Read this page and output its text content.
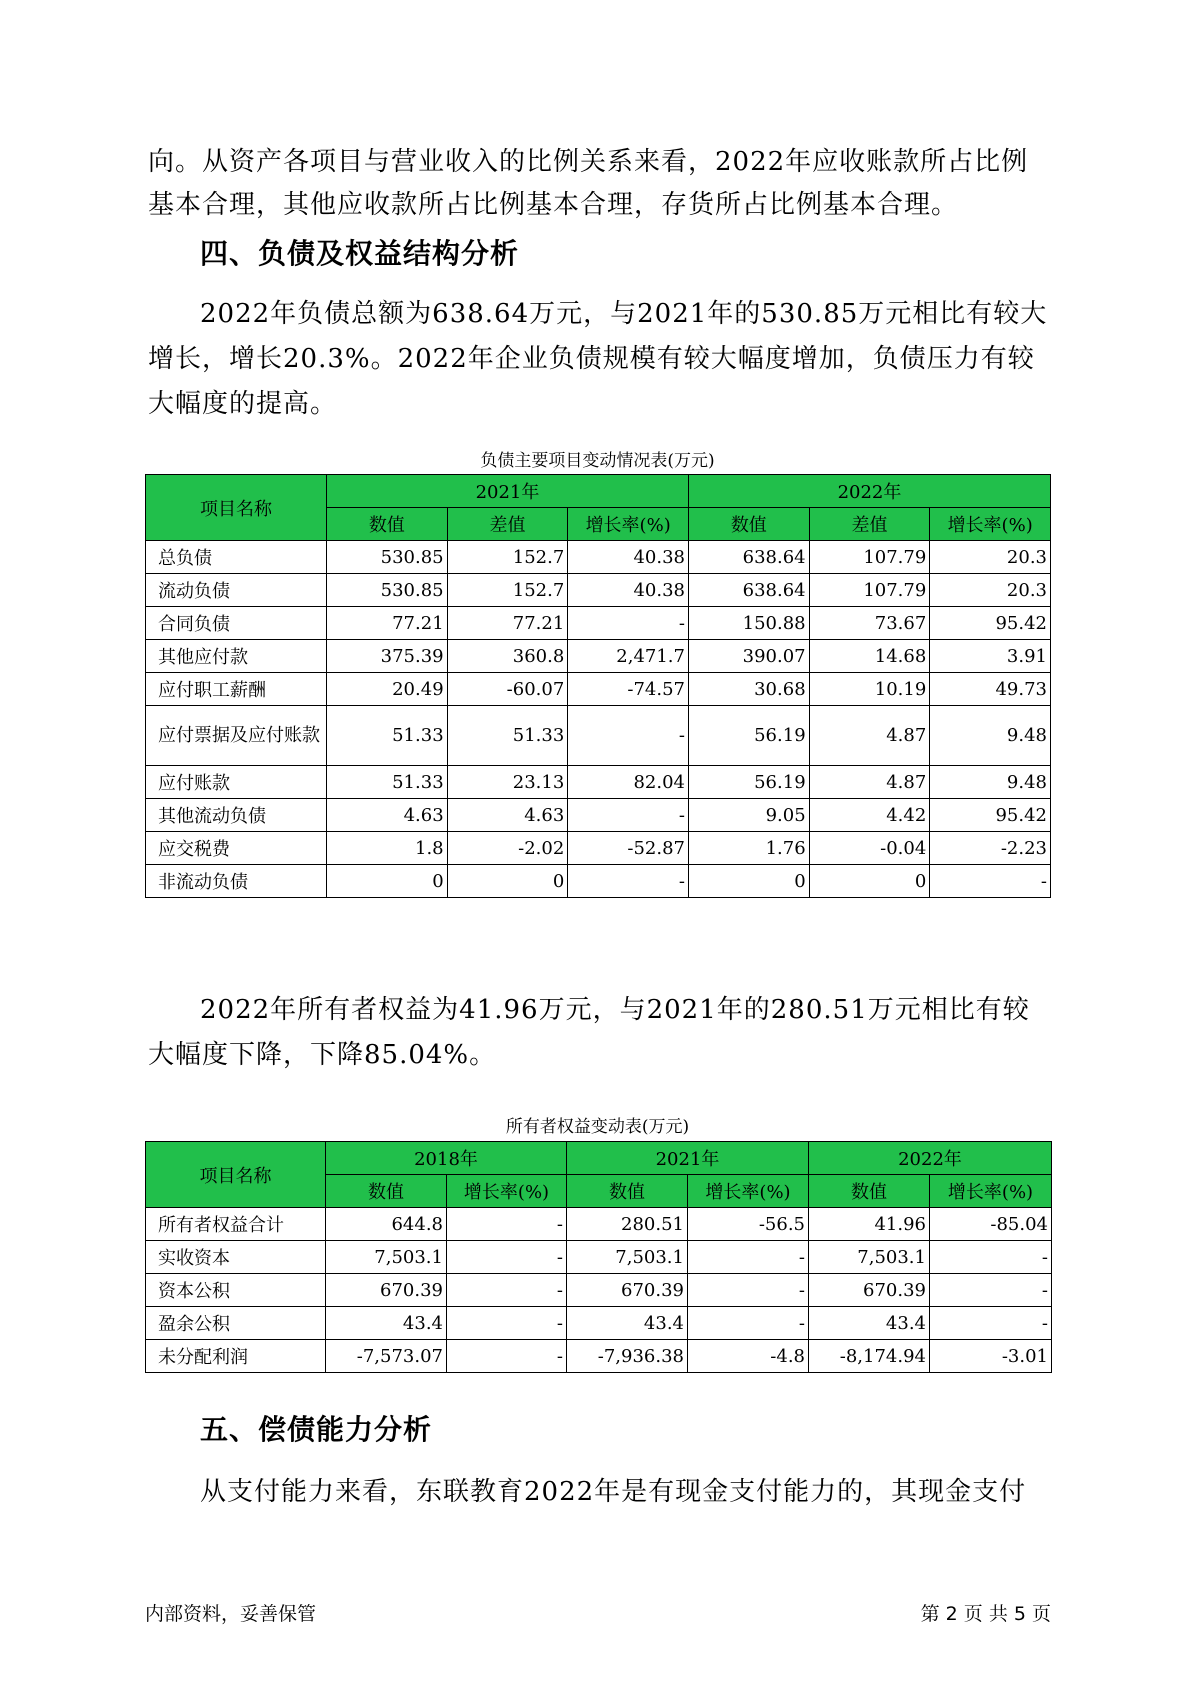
向。从资产各项目与营业收入的比例关系来看，2022年应收账款所占比例

基本合理，其他应收款所占比例基本合理，存货所占比例基本合理。

四、负债及权益结构分析

2022年负债总额为638.64万元，与2021年的530.85万元相比有较大增长，增长20.3%。2022年企业负债规模有较大幅度增加，负债压力有较大幅度的提高。

负债主要项目变动情况表(万元)
项目名称	2021年			2022年		
	数值	差值	增长率(%)	数值	差值	增长率(%)
总负债	530.85	152.7	40.38	638.64	107.79	20.3
流动负债	530.85	152.7	40.38	638.64	107.79	20.3
合同负债	77.21	77.21	-	150.88	73.67	95.42
其他应付款	375.39	360.8	2,471.7	390.07	14.68	3.91
应付职工薪酬	20.49	-60.07	-74.57	30.68	10.19	49.73
应付票据及应付账款	51.33	51.33	-	56.19	4.87	9.48
应付账款	51.33	23.13	82.04	56.19	4.87	9.48
其他流动负债	4.63	4.63	-	9.05	4.42	95.42
应交税费	1.8	-2.02	-52.87	1.76	-0.04	-2.23
非流动负债	0	0	-	0	0	-

2022年所有者权益为41.96万元，与2021年的280.51万元相比有较大幅度下降，下降85.04%。

所有者权益变动表(万元)
项目名称	2018年		2021年		2022年	
	数值	增长率(%)	数值	增长率(%)	数值	增长率(%)
所有者权益合计	644.8	-	280.51	-56.5	41.96	-85.04
实收资本	7,503.1	-	7,503.1	-	7,503.1	-
资本公积	670.39	-	670.39	-	670.39	-
盈余公积	43.4	-	43.4	-	43.4	-
未分配利润	-7,573.07	-	-7,936.38	-4.8	-8,174.94	-3.01
五、偿债能力分析

从支付能力来看，东联教育2022年是有现金支付能力的，其现金支付

内部资料，妥善保管	第 2 页 共 5 页
